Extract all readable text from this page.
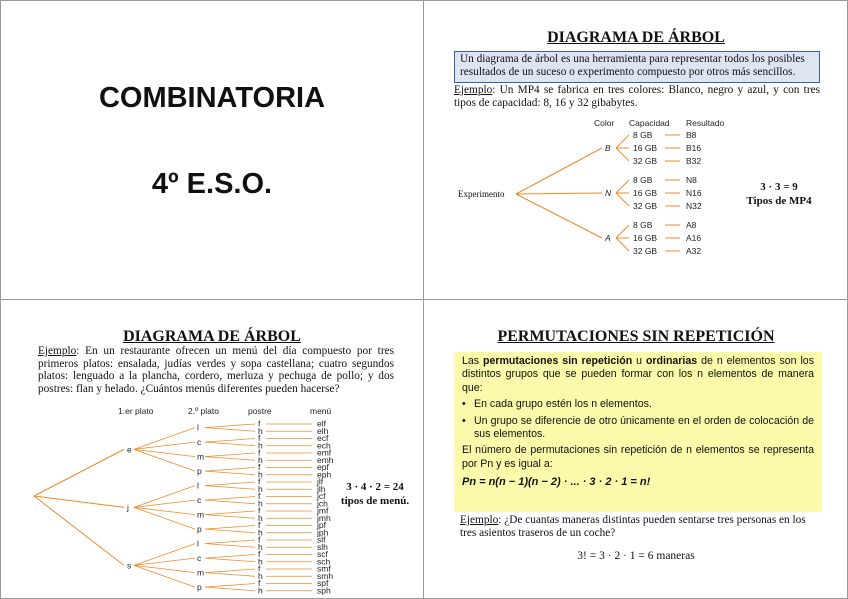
COMBINATORIA
4º E.S.O.
DIAGRAMA DE ÁRBOL
Un diagrama de árbol es una herramienta para representar todos los posibles resultados de un suceso o experimento compuesto por otros más sencillos.
Ejemplo: Un MP4 se fabrica en tres colores: Blanco, negro y azul, y con tres tipos de capacidad: 8, 16 y 32 gibabytes.
Color Capacidad Resultado
Experimento
B
8 GB	B8
16 GB	B16
32 GB	B32
N
8 GB	N8
16 GB	N16
32 GB	N32
A
8 GB	A8
16 GB	A16
32 GB	A32
3 · 3 = 9
Tipos de MP4
DIAGRAMA DE ÁRBOL
Ejemplo: En un restaurante ofrecen un menú del día compuesto por tres primeros platos: ensalada, judías verdes y sopa castellana; cuatro segundos platos: lenguado a la plancha, cordero, merluza y pechuga de pollo; y dos postres: flan y helado. ¿Cuántos menús diferentes pueden hacerse?
1.er plato	2.º plato	postre	menú
e
l	f	elf
h	elh
c	f	ecf
h	ech
m	f	emf
h	emh
p	f	epf
h	eph
j
l	f	jlf
h	jlh
c	f	jcf
h	jch
m	f	jmf
h	jmh
p	f	jpf
h	jph
s
l	f	slf
h	slh
c	f	scf
h	sch
m	f	smf
h	smh
p	f	spf
h	sph
3 · 4 · 2 = 24
tipos de menú.
PERMUTACIONES SIN REPETICIÓN

Las permutaciones sin repetición u ordinarias de n elementos son los distintos grupos que se pueden formar con los n elementos de manera que:

• En cada grupo estén los n elementos.

• Un grupo se diferencie de otro únicamente en el orden de colocación de sus elementos.

El número de permutaciones sin repetición de n elementos se representa por Pn y es igual a:

Pn = n(n − 1)(n − 2) · ... · 3 · 2 · 1 = n!

Ejemplo: ¿De cuantas maneras distintas pueden sentarse tres personas en los tres asientos traseros de un coche?
3! = 3 · 2 · 1 = 6 maneras
